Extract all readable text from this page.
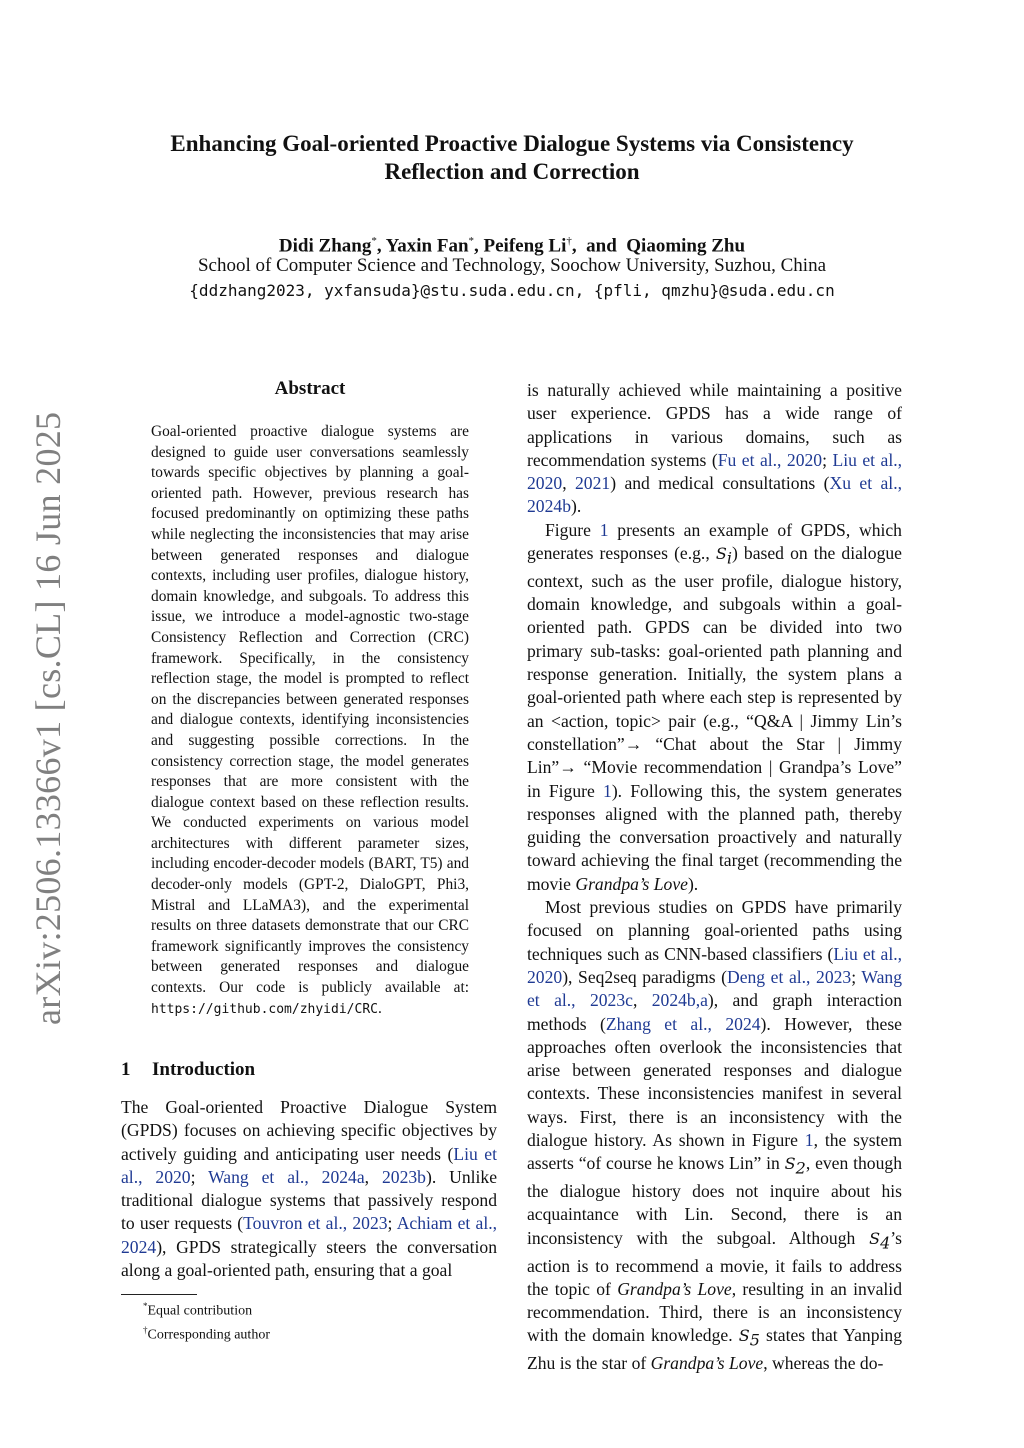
Enhancing Goal-oriented Proactive Dialogue Systems via Consistency
Reflection and Correction
Didi Zhang*, Yaxin Fan*, Peifeng Li†,  and Qiaoming Zhu
School of Computer Science and Technology, Soochow University, Suzhou, China
{ddzhang2023, yxfansuda}@stu.suda.edu.cn, {pfli, qmzhu}@suda.edu.cn
arXiv:2506.13366v1 [cs.CL] 16 Jun 2025
Abstract
Goal-oriented proactive dialogue systems are designed to guide user conversations seamlessly towards specific objectives by planning a goal-oriented path. However, previous research has focused predominantly on optimizing these paths while neglecting the inconsistencies that may arise between generated responses and dialogue contexts, including user profiles, dialogue history, domain knowledge, and subgoals. To address this issue, we introduce a model-agnostic two-stage Consistency Reflection and Correction (CRC) framework. Specifically, in the consistency reflection stage, the model is prompted to reflect on the discrepancies between generated responses and dialogue contexts, identifying inconsistencies and suggesting possible corrections. In the consistency correction stage, the model generates responses that are more consistent with the dialogue context based on these reflection results. We conducted experiments on various model architectures with different parameter sizes, including encoder-decoder models (BART, T5) and decoder-only models (GPT-2, DialoGPT, Phi3, Mistral and LLaMA3), and the experimental results on three datasets demonstrate that our CRC framework significantly improves the consistency between generated responses and dialogue contexts. Our code is publicly available at: https://github.com/zhyidi/CRC.
1 Introduction
The Goal-oriented Proactive Dialogue System (GPDS) focuses on achieving specific objectives by actively guiding and anticipating user needs (Liu et al., 2020; Wang et al., 2024a, 2023b). Unlike traditional dialogue systems that passively respond to user requests (Touvron et al., 2023; Achiam et al., 2024), GPDS strategically steers the conversation along a goal-oriented path, ensuring that a goal
*Equal contribution
†Corresponding author

is naturally achieved while maintaining a positive user experience. GPDS has a wide range of applications in various domains, such as recommendation systems (Fu et al., 2020; Liu et al., 2020, 2021) and medical consultations (Xu et al., 2024b).

Figure 1 presents an example of GPDS, which generates responses (e.g., $S_i$) based on the dialogue context, such as the user profile, dialogue history, domain knowledge, and subgoals within a goal-oriented path. GPDS can be divided into two primary sub-tasks: goal-oriented path planning and response generation. Initially, the system plans a goal-oriented path where each step is represented by an <action, topic> pair (e.g., “Q&A | Jimmy Lin’s constellation”→ “Chat about the Star | Jimmy Lin”→ “Movie recommendation | Grandpa’s Love” in Figure 1). Following this, the system generates responses aligned with the planned path, thereby guiding the conversation proactively and naturally toward achieving the final target (recommending the movie Grandpa’s Love).

Most previous studies on GPDS have primarily focused on planning goal-oriented paths using techniques such as CNN-based classifiers (Liu et al., 2020), Seq2seq paradigms (Deng et al., 2023; Wang et al., 2023c, 2024b,a), and graph interaction methods (Zhang et al., 2024). However, these approaches often overlook the inconsistencies that arise between generated responses and dialogue contexts. These inconsistencies manifest in several ways. First, there is an inconsistency with the dialogue history. As shown in Figure 1, the system asserts “of course he knows Lin” in $S_2$, even though the dialogue history does not inquire about his acquaintance with Lin. Second, there is an inconsistency with the subgoal. Although $S_4’s$ action is to recommend a movie, it fails to address the topic of Grandpa’s Love, resulting in an invalid recommendation. Third, there is an inconsistency with the domain knowledge. $S_5$ states that Yanping Zhu is the star of Grandpa’s Love, whereas the do-
